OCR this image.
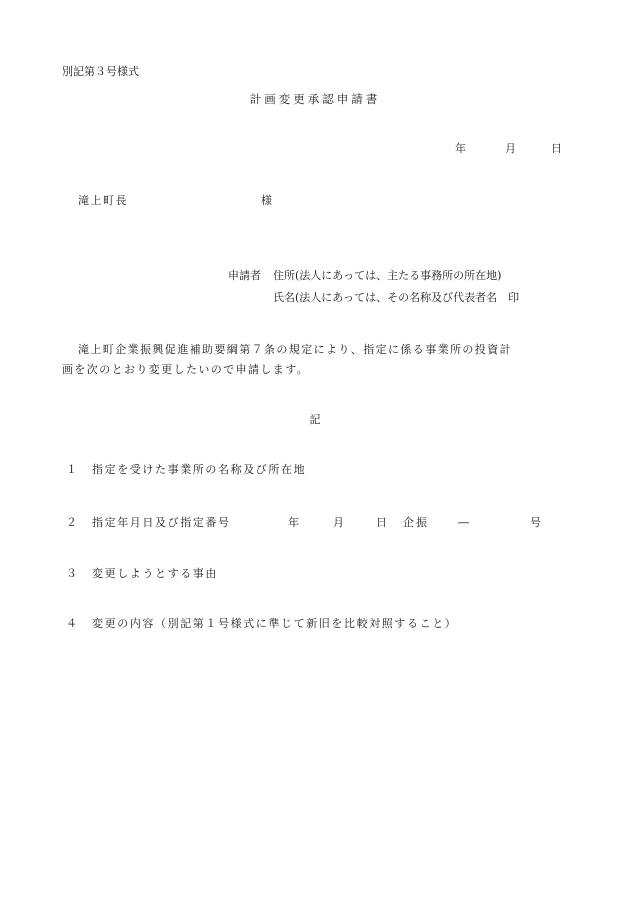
別記第３号様式
計画変更承認申請書
年	月	日
滝上町長	様
申請者 住所(法人にあっては、主たる事務所の所在地)
氏名(法人にあっては、その名称及び代表者名　印
滝上町企業振興促進補助要綱第７条の規定により、指定に係る事業所の投資計
画を次のとおり変更したいので申請します。
記
１ 指定を受けた事業所の名称及び所在地
２ 指定年月日及び指定番号	年	月	日 企振	―	号
３ 変更しようとする事由
４ 変更の内容（別記第１号様式に準じて新旧を比較対照すること）
